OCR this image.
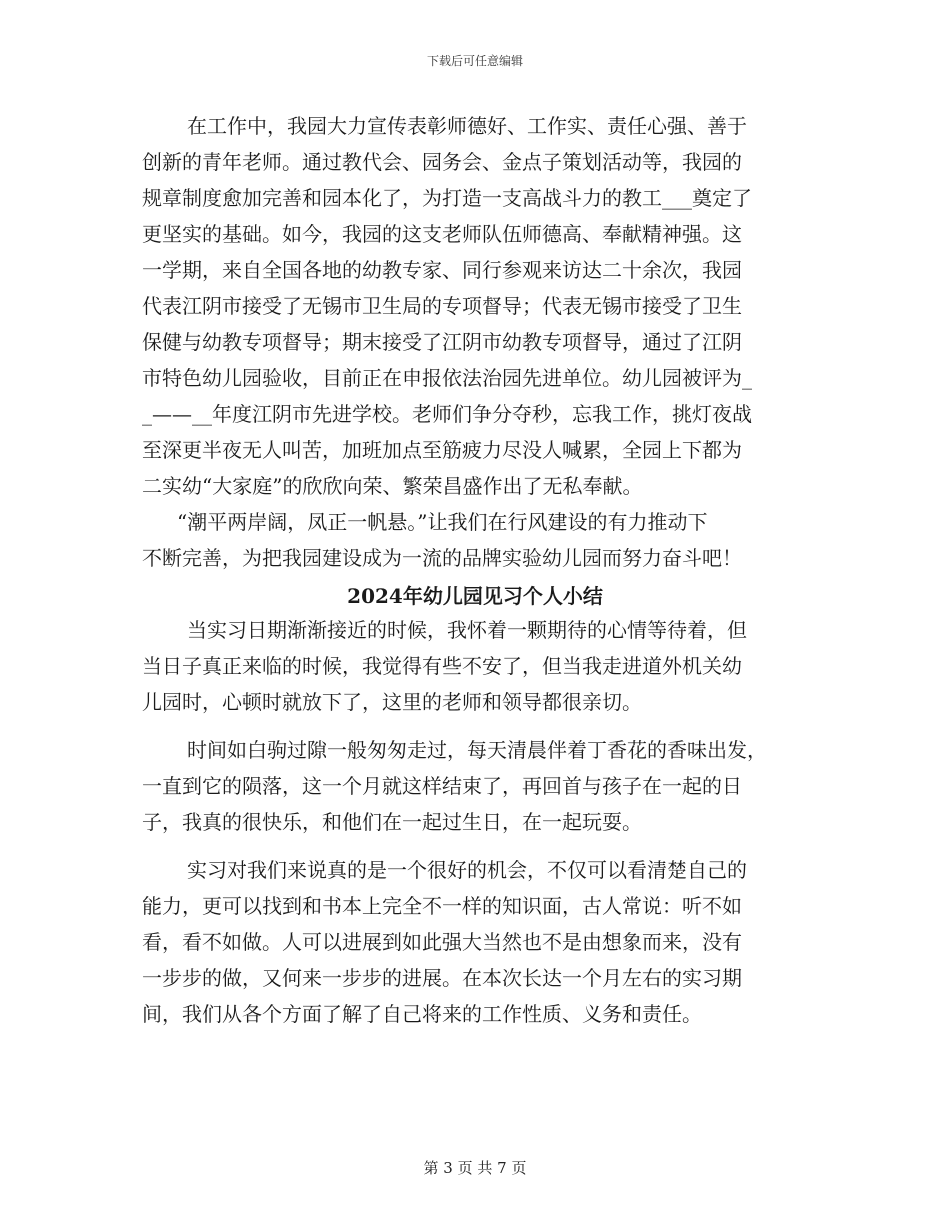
下载后可任意编辑
在工作中，我园大力宣传表彰师德好、工作实、责任心强、善于
创新的青年老师。通过教代会、园务会、金点子策划活动等，我园的
规章制度愈加完善和园本化了，为打造一支高战斗力的教工___奠定了
更坚实的基础。如今，我园的这支老师队伍师德高、奉献精神强。这
一学期，来自全国各地的幼教专家、同行参观来访达二十余次，我园
代表江阴市接受了无锡市卫生局的专项督导；代表无锡市接受了卫生
保健与幼教专项督导；期末接受了江阴市幼教专项督导，通过了江阴
市特色幼儿园验收，目前正在申报依法治园先进单位。幼儿园被评为_
_——__年度江阴市先进学校。老师们争分夺秒，忘我工作，挑灯夜战
至深更半夜无人叫苦，加班加点至筋疲力尽没人喊累，全园上下都为
二实幼“大家庭”的欣欣向荣、繁荣昌盛作出了无私奉献。
“潮平两岸阔，凤正一帆悬。”让我们在行风建设的有力推动下
不断完善，为把我园建设成为一流的品牌实验幼儿园而努力奋斗吧！
2024年幼儿园见习个人小结
当实习日期渐渐接近的时候，我怀着一颗期待的心情等待着，但
当日子真正来临的时候，我觉得有些不安了，但当我走进道外机关幼
儿园时，心顿时就放下了，这里的老师和领导都很亲切。
时间如白驹过隙一般匆匆走过，每天清晨伴着丁香花的香味出发，
一直到它的陨落，这一个月就这样结束了，再回首与孩子在一起的日
子，我真的很快乐，和他们在一起过生日，在一起玩耍。
实习对我们来说真的是一个很好的机会，不仅可以看清楚自己的
能力，更可以找到和书本上完全不一样的知识面，古人常说：听不如
看，看不如做。人可以进展到如此强大当然也不是由想象而来，没有
一步步的做，又何来一步步的进展。在本次长达一个月左右的实习期
间，我们从各个方面了解了自己将来的工作性质、义务和责任。
第 3 页 共 7 页
